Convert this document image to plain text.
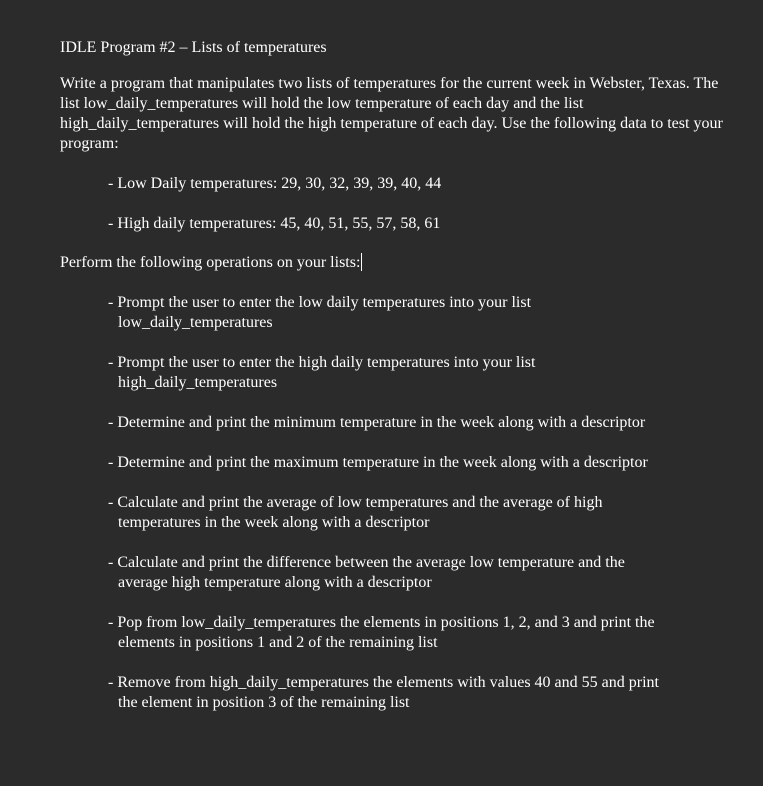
IDLE Program #2 – Lists of temperatures

Write a program that manipulates two lists of temperatures for the current week in Webster, Texas. The list low_daily_temperatures will hold the low temperature of each day and the list high_daily_temperatures will hold the high temperature of each day. Use the following data to test your program:

- Low Daily temperatures: 29, 30, 32, 39, 39, 40, 44
- High daily temperatures: 45, 40, 51, 55, 57, 58, 61

Perform the following operations on your lists:

- Prompt the user to enter the low daily temperatures into your list low_daily_temperatures
- Prompt the user to enter the high daily temperatures into your list high_daily_temperatures
- Determine and print the minimum temperature in the week along with a descriptor
- Determine and print the maximum temperature in the week along with a descriptor
- Calculate and print the average of low temperatures and the average of high temperatures in the week along with a descriptor
- Calculate and print the difference between the average low temperature and the average high temperature along with a descriptor
- Pop from low_daily_temperatures the elements in positions 1, 2, and 3 and print the elements in positions 1 and 2 of the remaining list
- Remove from high_daily_temperatures the elements with values 40 and 55 and print the element in position 3 of the remaining list
